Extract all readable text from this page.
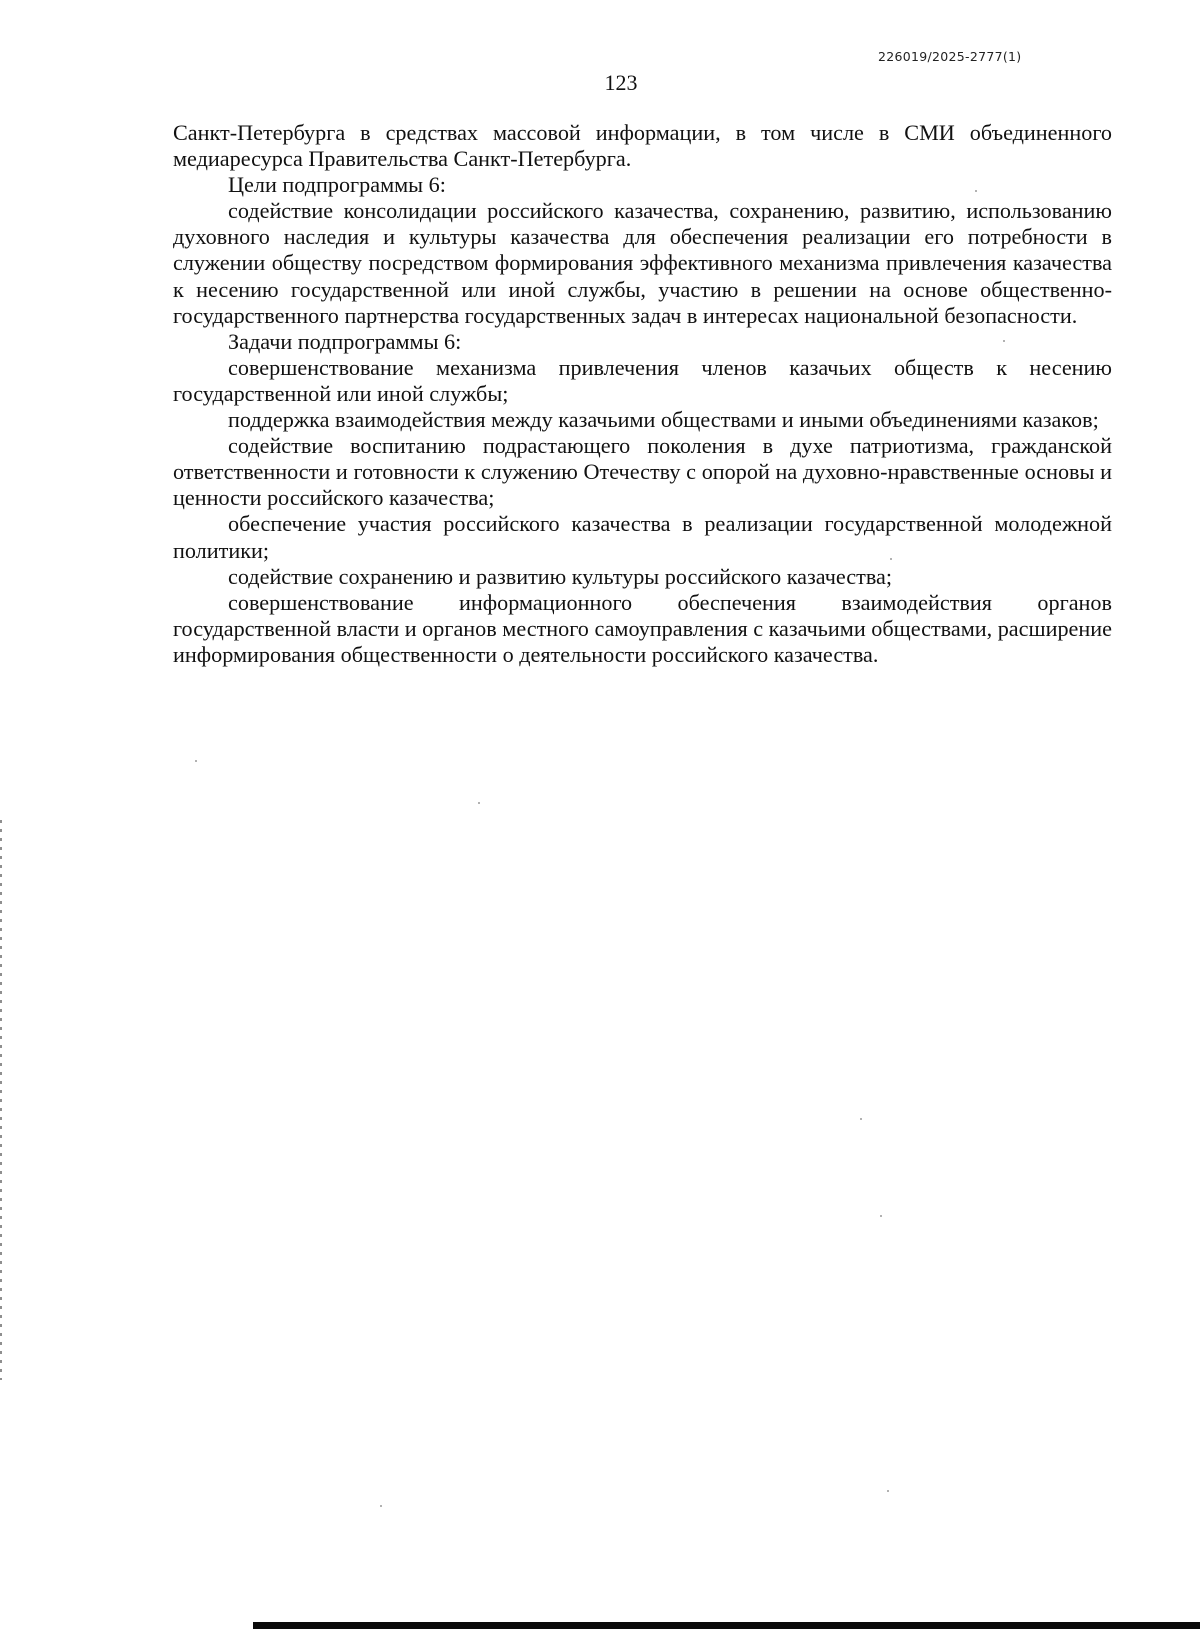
226019/2025-2777(1)
123

Санкт-Петербурга в средствах массовой информации, в том числе в СМИ объединенного медиаресурса Правительства Санкт-Петербурга.

Цели подпрограммы 6:

содействие консолидации российского казачества, сохранению, развитию, использованию духовного наследия и культуры казачества для обеспечения реализации его потребности в служении обществу посредством формирования эффективного механизма привлечения казачества к несению государственной или иной службы, участию в решении на основе общественно-государственного партнерства государственных задач в интересах национальной безопасности.

Задачи подпрограммы 6:

совершенствование механизма привлечения членов казачьих обществ к несению государственной или иной службы;

поддержка взаимодействия между казачьими обществами и иными объединениями казаков;

содействие воспитанию подрастающего поколения в духе патриотизма, гражданской ответственности и готовности к служению Отечеству с опорой на духовно-нравственные основы и ценности российского казачества;

обеспечение участия российского казачества в реализации государственной молодежной политики;

содействие сохранению и развитию культуры российского казачества;

совершенствование информационного обеспечения взаимодействия органов государственной власти и органов местного самоуправления с казачьими обществами, расширение информирования общественности о деятельности российского казачества.
